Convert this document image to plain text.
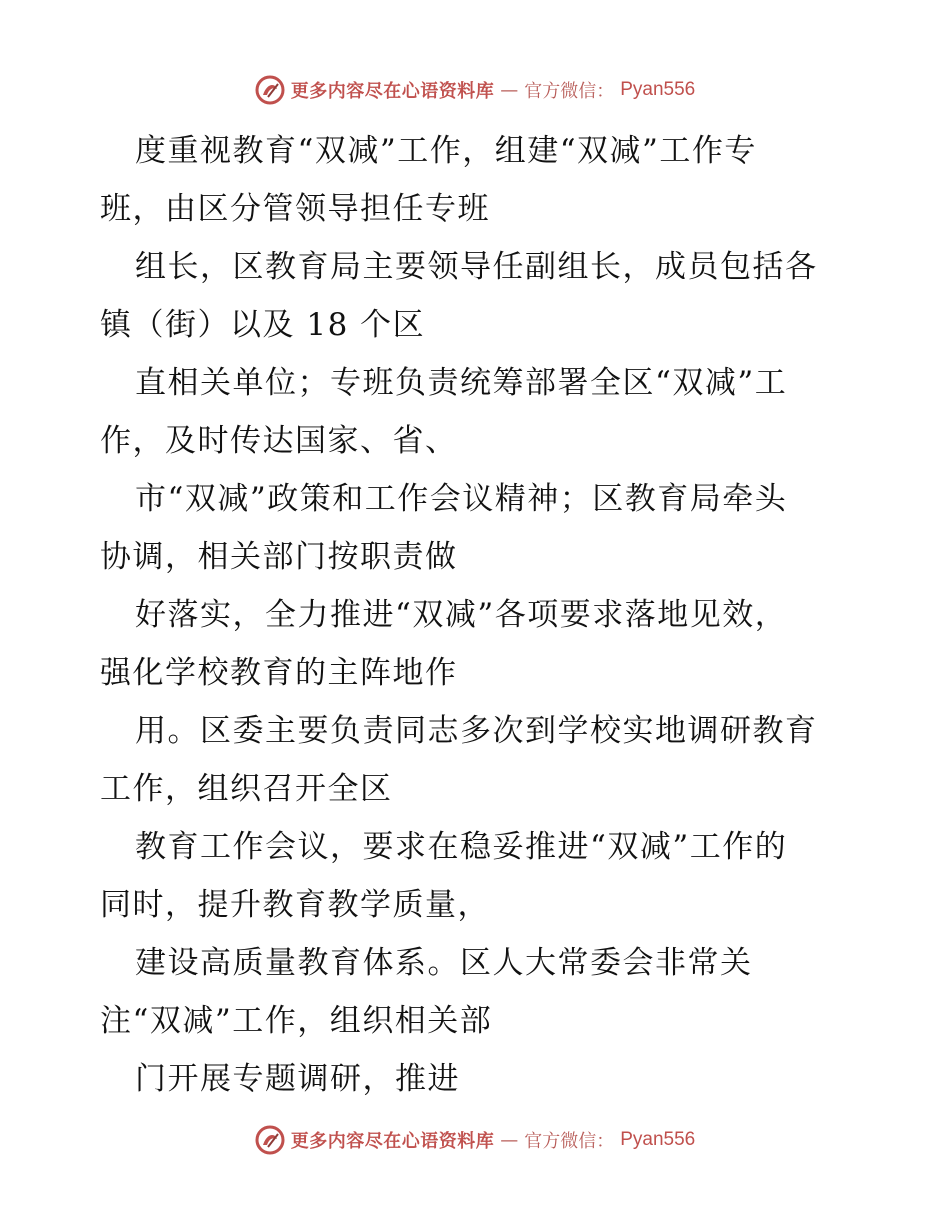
更多内容尽在心语资料库 — 官方微信： Pyan556
度重视教育“双减”工作，组建“双减”工作专
班，由区分管领导担任专班
组长，区教育局主要领导任副组长，成员包括各
镇（街）以及 18 个区
直相关单位；专班负责统筹部署全区“双减”工
作，及时传达国家、省、
市“双减”政策和工作会议精神；区教育局牵头
协调，相关部门按职责做
好落实，全力推进“双减”各项要求落地见效，
强化学校教育的主阵地作
用。区委主要负责同志多次到学校实地调研教育
工作，组织召开全区
教育工作会议，要求在稳妥推进“双减”工作的
同时，提升教育教学质量，
建设高质量教育体系。区人大常委会非常关
注“双减”工作，组织相关部
门开展专题调研，推进
更多内容尽在心语资料库 — 官方微信： Pyan556
